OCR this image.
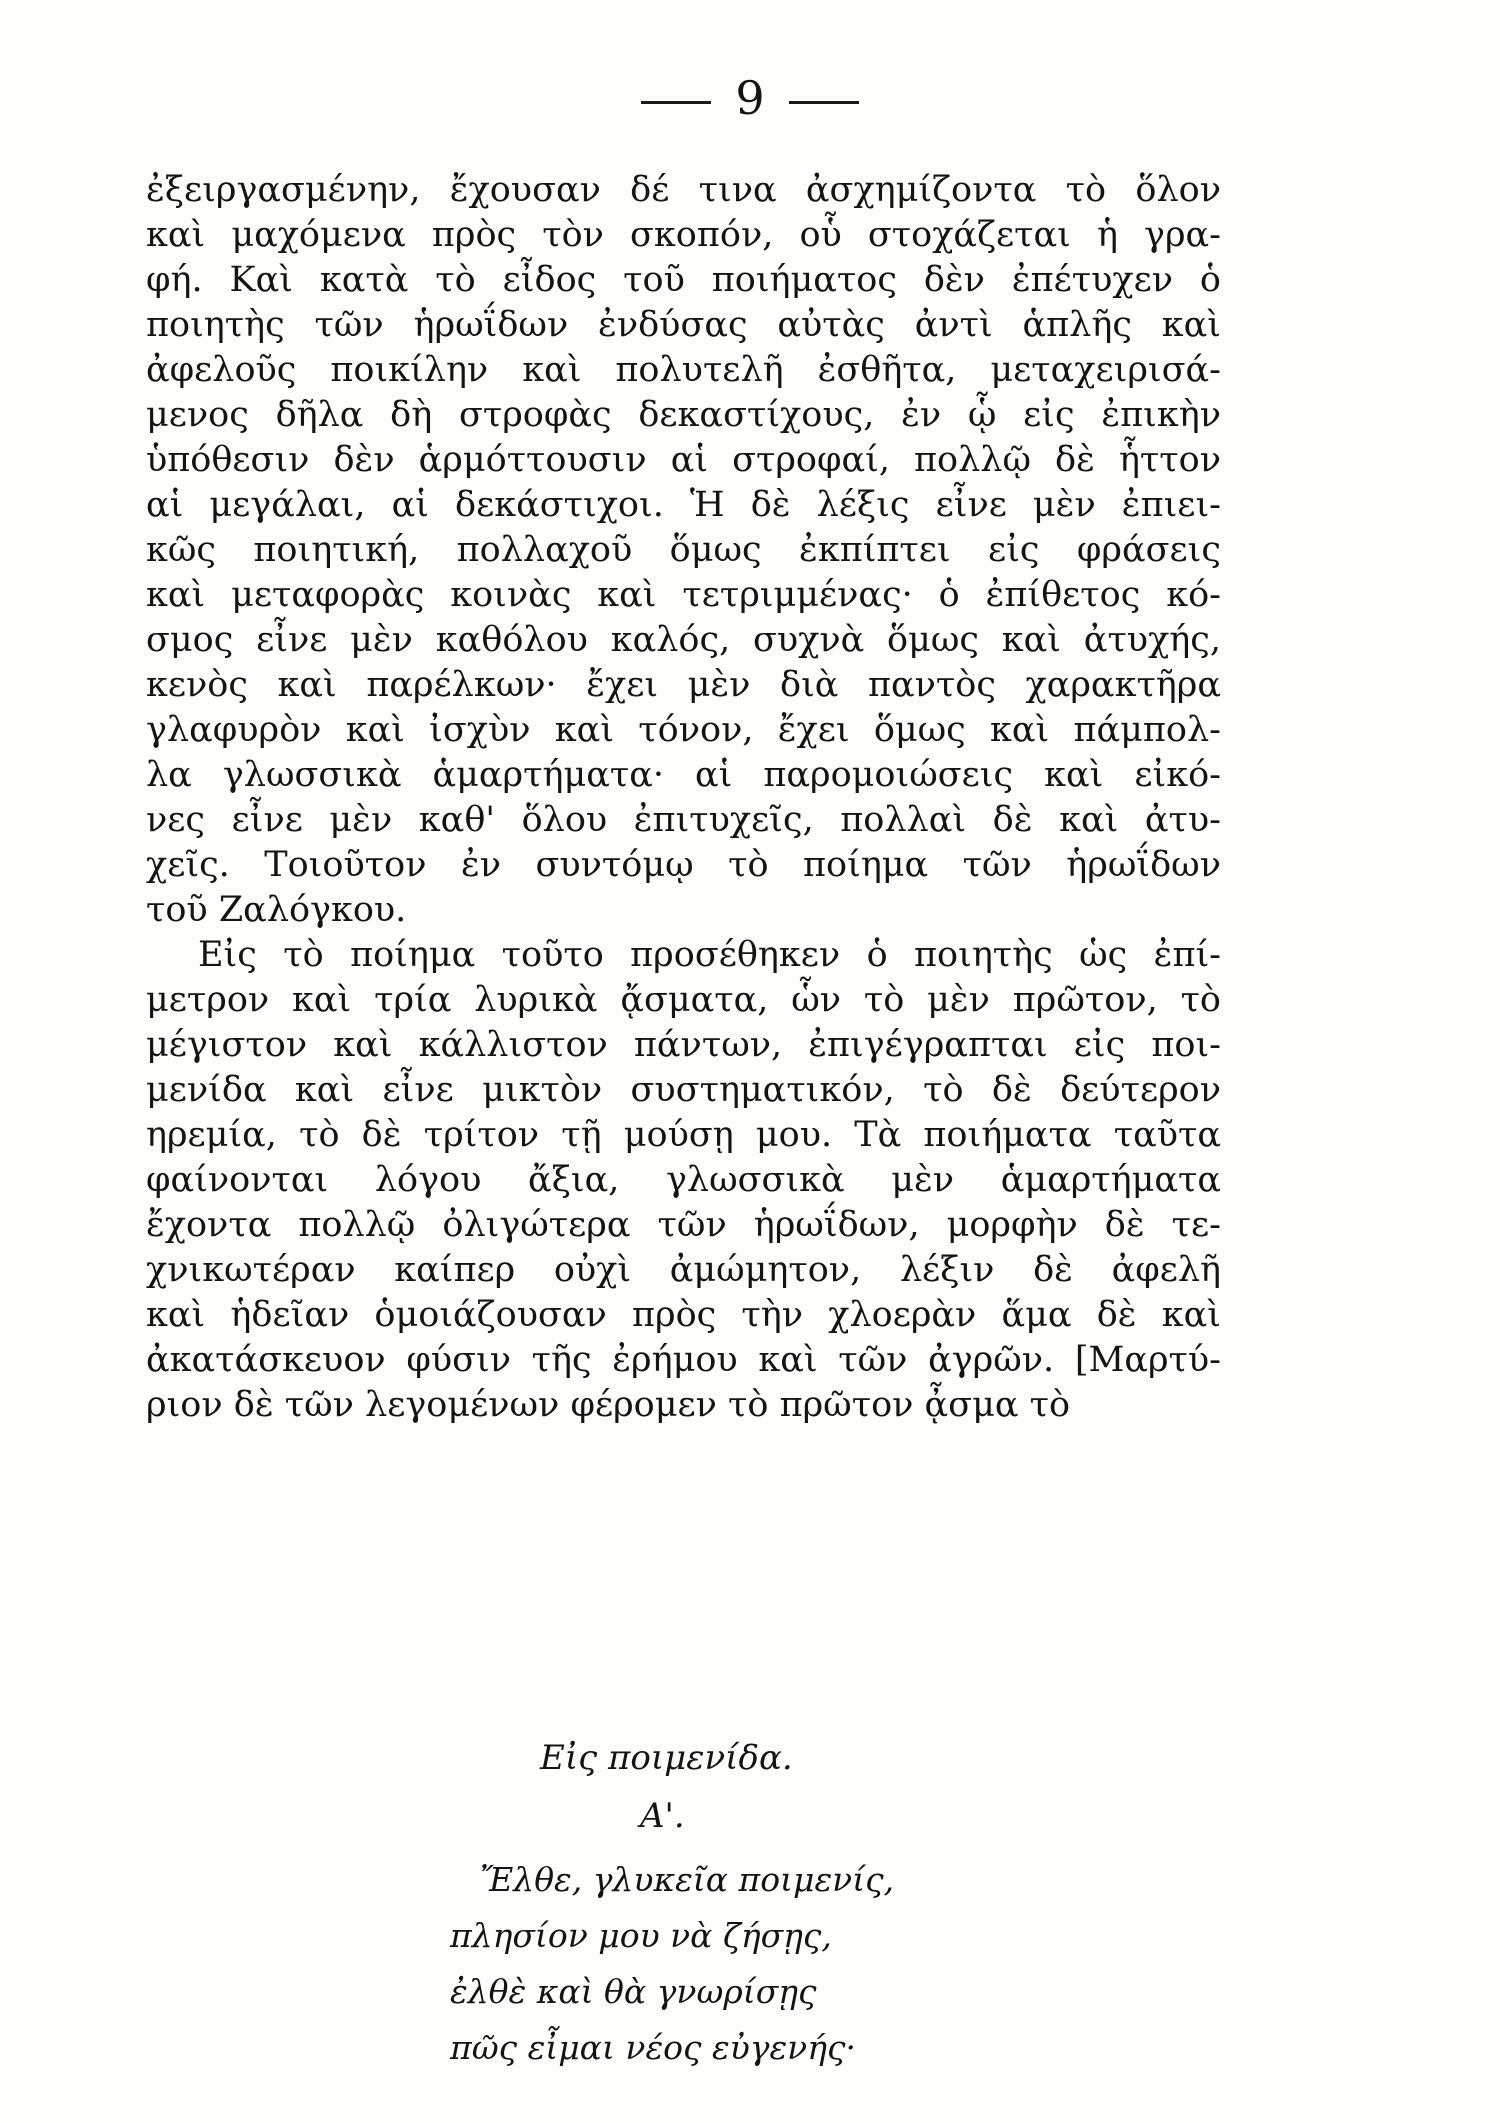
9
ἐξειργασμένην, ἔχουσαν δέ τινα ἀσχημίζοντα τὸ ὅλον
καὶ μαχόμενα πρὸς τὸν σκοπόν, οὗ στοχάζεται ἡ γρα-
φή. Καὶ κατὰ τὸ εἶδος τοῦ ποιήματος δὲν ἐπέτυχεν ὁ
ποιητὴς τῶν ἡρωΐδων ἐνδύσας αὐτὰς ἀντὶ ἁπλῆς καὶ
ἀφελοῦς ποικίλην καὶ πολυτελῆ ἐσθῆτα, μεταχειρισά-
μενος δῆλα δὴ στροφὰς δεκαστίχους, ἐν ᾧ εἰς ἐπικὴν
ὑπόθεσιν δὲν ἁρμόττουσιν αἱ στροφαί, πολλῷ δὲ ἧττον
αἱ μεγάλαι, αἱ δεκάστιχοι. Ἡ δὲ λέξις εἶνε μὲν ἐπιει-
κῶς ποιητική, πολλαχοῦ ὅμως ἐκπίπτει εἰς φράσεις
καὶ μεταφορὰς κοινὰς καὶ τετριμμένας· ὁ ἐπίθετος κό-
σμος εἶνε μὲν καθόλου καλός, συχνὰ ὅμως καὶ ἀτυχής,
κενὸς καὶ παρέλκων· ἔχει μὲν διὰ παντὸς χαρακτῆρα
γλαφυρὸν καὶ ἰσχὺν καὶ τόνον, ἔχει ὅμως καὶ πάμπολ-
λα γλωσσικὰ ἁμαρτήματα· αἱ παρομοιώσεις καὶ εἰκό-
νες εἶνε μὲν καθ' ὅλου ἐπιτυχεῖς, πολλαὶ δὲ καὶ ἀτυ-
χεῖς. Τοιοῦτον ἐν συντόμῳ τὸ ποίημα τῶν ἡρωΐδων
τοῦ Ζαλόγκου.
Εἰς τὸ ποίημα τοῦτο προσέθηκεν ὁ ποιητὴς ὡς ἐπί-
μετρον καὶ τρία λυρικὰ ᾄσματα, ὧν τὸ μὲν πρῶτον, τὸ
μέγιστον καὶ κάλλιστον πάντων, ἐπιγέγραπται εἰς ποι-
μενίδα καὶ εἶνε μικτὸν συστηματικόν, τὸ δὲ δεύτερον
ηρεμία, τὸ δὲ τρίτον τῇ μούσῃ μου. Τὰ ποιήματα ταῦτα
φαίνονται λόγου ἄξια, γλωσσικὰ μὲν ἁμαρτήματα
ἔχοντα πολλῷ ὀλιγώτερα τῶν ἡρωΐδων, μορφὴν δὲ τε-
χνικωτέραν καίπερ οὐχὶ ἀμώμητον, λέξιν δὲ ἀφελῆ
καὶ ἡδεῖαν ὁμοιάζουσαν πρὸς τὴν χλοερὰν ἅμα δὲ καὶ
ἀκατάσκευον φύσιν τῆς ἐρήμου καὶ τῶν ἀγρῶν. [Μαρτύ-
ριον δὲ τῶν λεγομένων φέρομεν τὸ πρῶτον ᾆσμα τὸ
Εἰς ποιμενίδα.
Α'.
Ἔλθε, γλυκεῖα ποιμενίς,
πλησίον μου νὰ ζήσῃς,
ἐλθὲ καὶ θὰ γνωρίσῃς
πῶς εἶμαι νέος εὐγενής·
